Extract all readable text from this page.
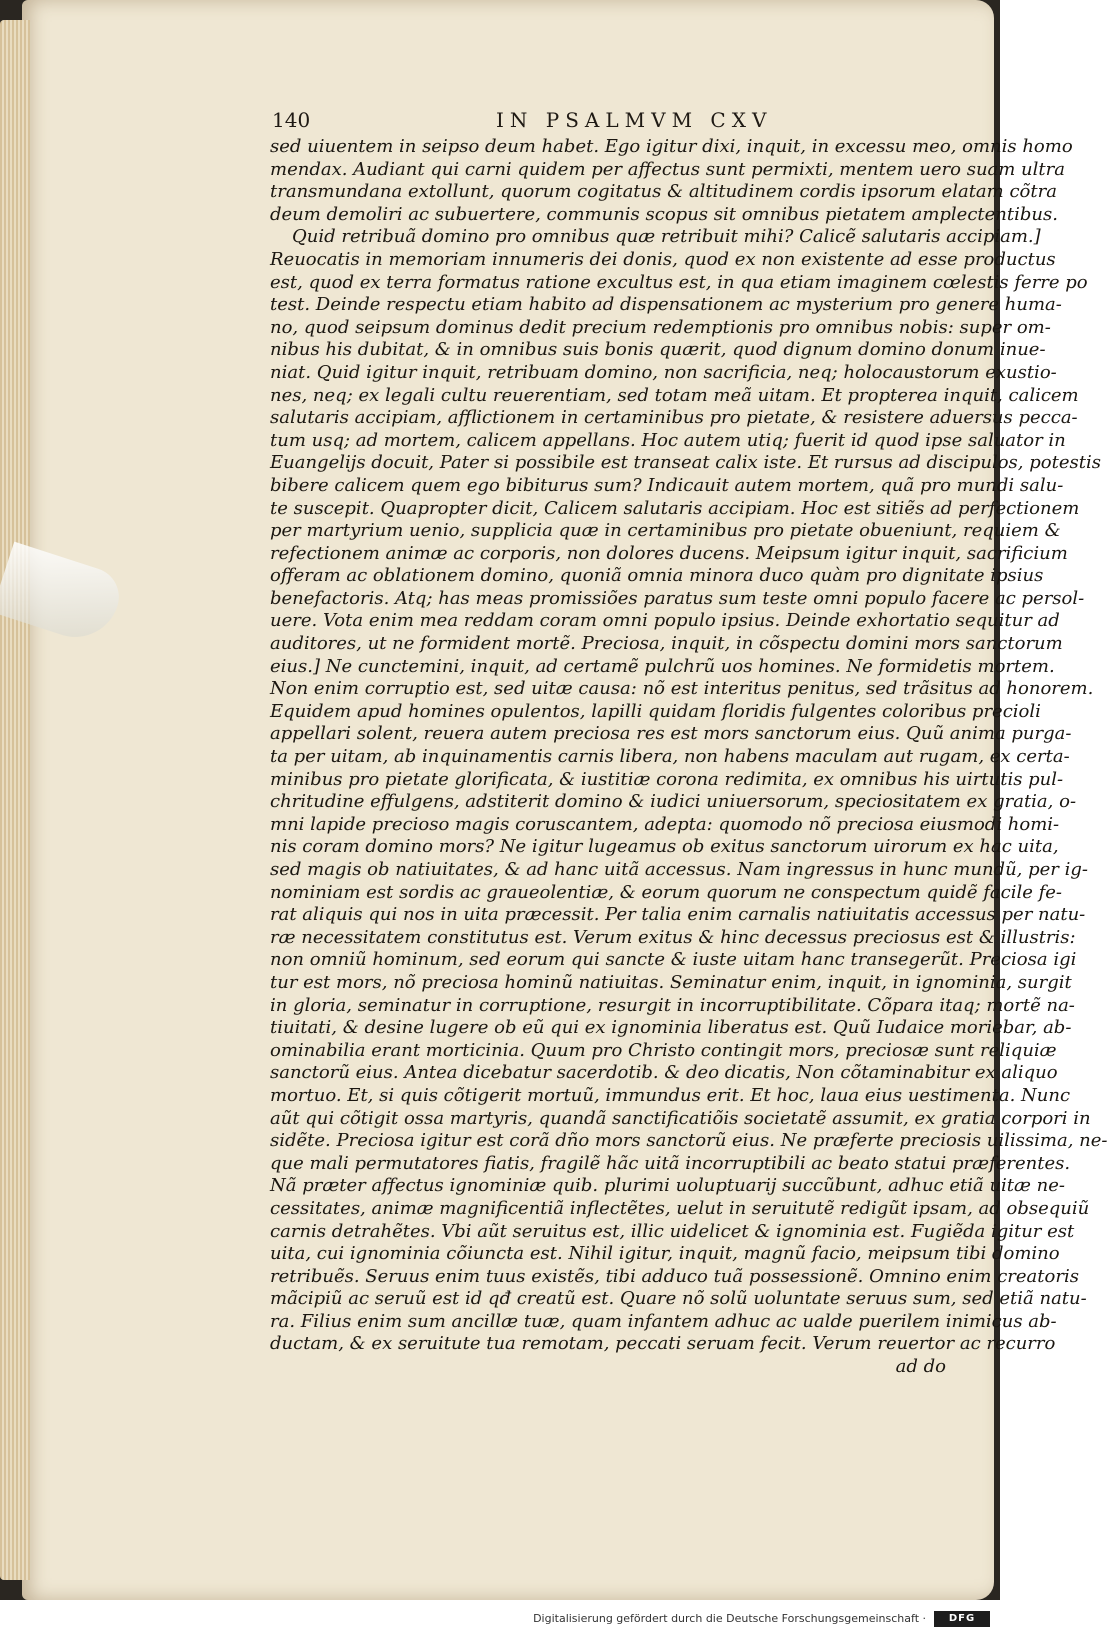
140	IN PSALMVM CXV
sed uiuentem in seipso deum habet. Ego igitur dixi, inquit, in excessu meo, omnis homo
mendax. Audiant qui carni quidem per affectus sunt permixti, mentem uero suam ultra
transmundana extollunt, quorum cogitatus & altitudinem cordis ipsorum elatam cõtra
deum demoliri ac subuertere, communis scopus sit omnibus pietatem amplectentibus.
Quid retribuã domino pro omnibus quæ retribuit mihi? Calicẽ salutaris accipiam.]
Reuocatis in memoriam innumeris dei donis, quod ex non existente ad esse productus
est, quod ex terra formatus ratione excultus est, in qua etiam imaginem cœlestis ferre po
test. Deinde respectu etiam habito ad dispensationem ac mysterium pro genere huma-
no, quod seipsum dominus dedit precium redemptionis pro omnibus nobis: super om-
nibus his dubitat, & in omnibus suis bonis quærit, quod dignum domino donum inue-
niat. Quid igitur inquit, retribuam domino, non sacrificia, neq; holocaustorum exustio-
nes, neq; ex legali cultu reuerentiam, sed totam meã uitam. Et propterea inquit, calicem
salutaris accipiam, afflictionem in certaminibus pro pietate, & resistere aduersus pecca-
tum usq; ad mortem, calicem appellans. Hoc autem utiq; fuerit id quod ipse saluator in
Euangelijs docuit, Pater si possibile est transeat calix iste. Et rursus ad discipulos, potestis
bibere calicem quem ego bibiturus sum? Indicauit autem mortem, quã pro mundi salu-
te suscepit. Quapropter dicit, Calicem salutaris accipiam. Hoc est sitiẽs ad perfectionem
per martyrium uenio, supplicia quæ in certaminibus pro pietate obueniunt, requiem &
refectionem animæ ac corporis, non dolores ducens. Meipsum igitur inquit, sacrificium
offeram ac oblationem domino, quoniã omnia minora duco quàm pro dignitate ipsius
benefactoris. Atq; has meas promissiões paratus sum teste omni populo facere ac persol-
uere. Vota enim mea reddam coram omni populo ipsius. Deinde exhortatio sequitur ad
auditores, ut ne formident mortẽ. Preciosa, inquit, in cõspectu domini mors sanctorum
eius.] Ne cunctemini, inquit, ad certamẽ pulchrũ uos homines. Ne formidetis mortem.
Non enim corruptio est, sed uitæ causa: nõ est interitus penitus, sed trãsitus ad honorem.
Equidem apud homines opulentos, lapilli quidam floridis fulgentes coloribus precioli
appellari solent, reuera autem preciosa res est mors sanctorum eius. Quũ anima purga-
ta per uitam, ab inquinamentis carnis libera, non habens maculam aut rugam, ex certa-
minibus pro pietate glorificata, & iustitiæ corona redimita, ex omnibus his uirtutis pul-
chritudine effulgens, adstiterit domino & iudici uniuersorum, speciositatem ex gratia, o-
mni lapide precioso magis coruscantem, adepta: quomodo nõ preciosa eiusmodi homi-
nis coram domino mors? Ne igitur lugeamus ob exitus sanctorum uirorum ex hac uita,
sed magis ob natiuitates, & ad hanc uitã accessus. Nam ingressus in hunc mundũ, per ig-
nominiam est sordis ac graueolentiæ, & eorum quorum ne conspectum quidẽ facile fe-
rat aliquis qui nos in uita præcessit. Per talia enim carnalis natiuitatis accessus per natu-
ræ necessitatem constitutus est. Verum exitus & hinc decessus preciosus est & illustris:
non omniũ hominum, sed eorum qui sancte & iuste uitam hanc transegerũt. Preciosa igi
tur est mors, nõ preciosa hominũ natiuitas. Seminatur enim, inquit, in ignominia, surgit
in gloria, seminatur in corruptione, resurgit in incorruptibilitate. Cõpara itaq; mortẽ na-
tiuitati, & desine lugere ob eũ qui ex ignominia liberatus est. Quũ Iudaice moriebar, ab-
ominabilia erant morticinia. Quum pro Christo contingit mors, preciosæ sunt reliquiæ
sanctorũ eius. Antea dicebatur sacerdotib. & deo dicatis, Non cõtaminabitur ex aliquo
mortuo. Et, si quis cõtigerit mortuũ, immundus erit. Et hoc, laua eius uestimenta. Nunc
aũt qui cõtigit ossa martyris, quandã sanctificatiõis societatẽ assumit, ex gratia corpori in
sidẽte. Preciosa igitur est corã dño mors sanctorũ eius. Ne præferte preciosis uilissima, ne-
que mali permutatores fiatis, fragilẽ hãc uitã incorruptibili ac beato statui præferentes.
Nã præter affectus ignominiæ quib. plurimi uoluptuarij succũbunt, adhuc etiã uitæ ne-
cessitates, animæ magnificentiã inflectẽtes, uelut in seruitutẽ redigũt ipsam, ad obsequiũ
carnis detrahẽtes. Vbi aũt seruitus est, illic uidelicet & ignominia est. Fugiẽda igitur est
uita, cui ignominia cõiuncta est. Nihil igitur, inquit, magnũ facio, meipsum tibi domino
retribuẽs. Seruus enim tuus existẽs, tibi adduco tuã possessionẽ. Omnino enim creatoris
mãcipiũ ac seruũ est id qđ creatũ est. Quare nõ solũ uoluntate seruus sum, sed etiã natu-
ra. Filius enim sum ancillæ tuæ, quam infantem adhuc ac ualde puerilem inimicus ab-
ductam, & ex seruitute tua remotam, peccati seruam fecit. Verum reuertor ac recurro
ad do
Digitalisierung gefördert durch die Deutsche Forschungsgemeinschaft ·	DFG
